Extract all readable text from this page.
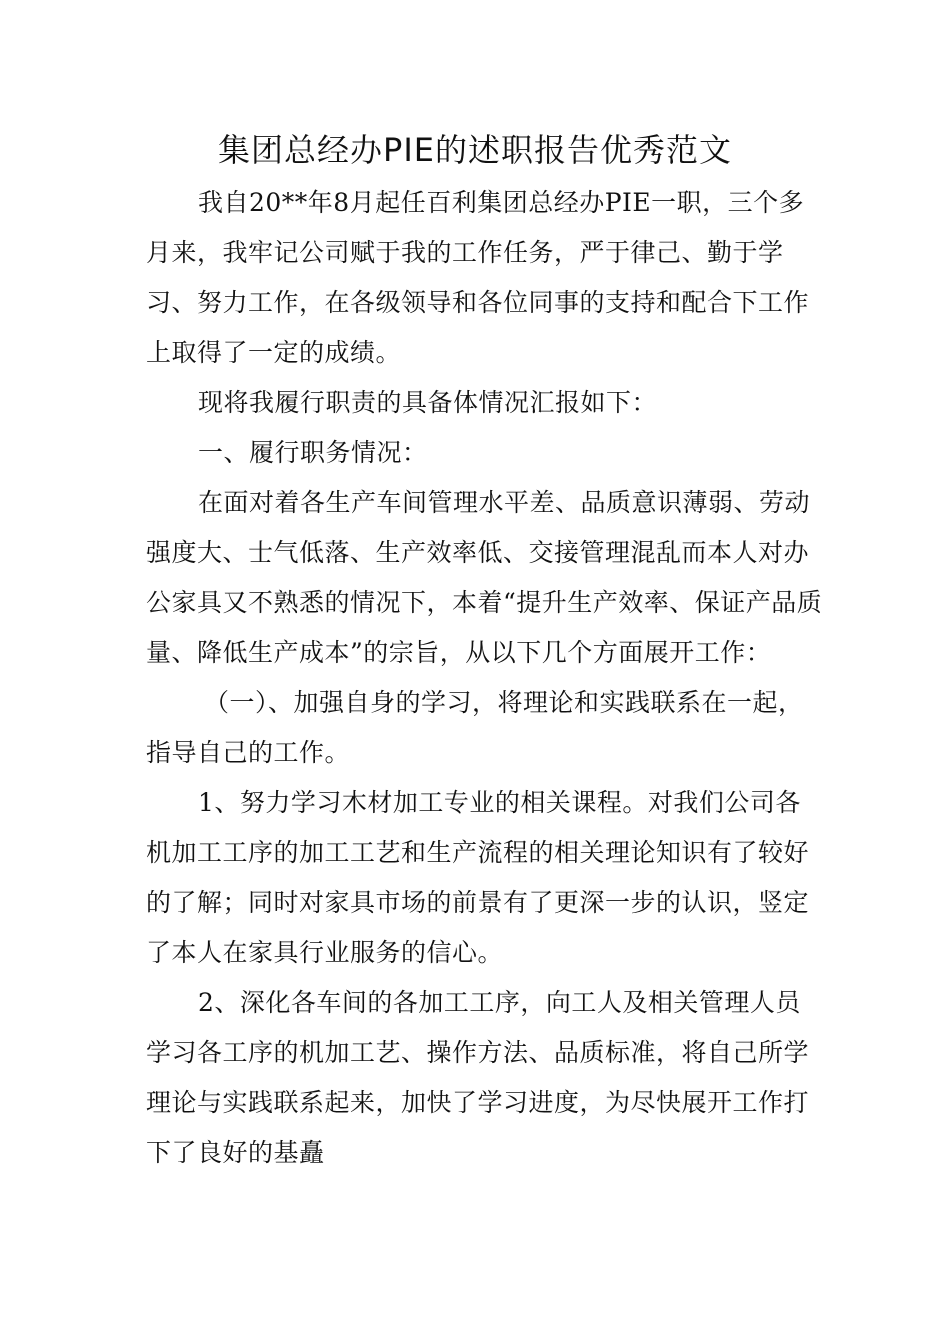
集团总经办PIE的述职报告优秀范文

我自20**年8月起任百利集团总经办PIE一职，三个多月来，我牢记公司赋于我的工作任务，严于律己、勤于学习、努力工作，在各级领导和各位同事的支持和配合下工作上取得了一定的成绩。

现将我履行职责的具备体情况汇报如下：

一、履行职务情况：

在面对着各生产车间管理水平差、品质意识薄弱、劳动强度大、士气低落、生产效率低、交接管理混乱而本人对办公家具又不熟悉的情况下，本着“提升生产效率、保证产品质量、降低生产成本”的宗旨，从以下几个方面展开工作：

（一）、加强自身的学习，将理论和实践联系在一起，指导自己的工作。

1、努力学习木材加工专业的相关课程。对我们公司各机加工工序的加工工艺和生产流程的相关理论知识有了较好的了解；同时对家具市场的前景有了更深一步的认识，竖定了本人在家具行业服务的信心。

2、深化各车间的各加工工序，向工人及相关管理人员学习各工序的机加工艺、操作方法、品质标准，将自己所学理论与实践联系起来，加快了学习进度，为尽快展开工作打下了良好的基矗
